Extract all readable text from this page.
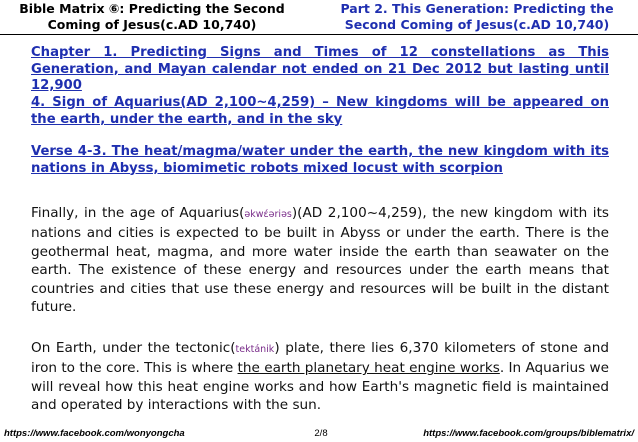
Bible Matrix ⑥: Predicting the Second
Coming of Jesus(c.AD 10,740)
Part 2. This Generation: Predicting the
Second Coming of Jesus(c.AD 10,740)
Chapter 1. Predicting Signs and Times of 12 constellations as This Generation, and Mayan calendar not ended on 21 Dec 2012 but lasting until 12,900
4. Sign of Aquarius(AD 2,100~4,259) – New kingdoms will be appeared on the earth, under the earth, and in the sky
Verse 4-3. The heat/magma/water under the earth, the new kingdom with its nations in Abyss, biomimetic robots mixed locust with scorpion
Finally, in the age of Aquarius(əkwɛ́əriəs)(AD 2,100~4,259), the new kingdom with its nations and cities is expected to be built in Abyss or under the earth. There is the geothermal heat, magma, and more water inside the earth than seawater on the earth. The existence of these energy and resources under the earth means that countries and cities that use these energy and resources will be built in the distant future.
On Earth, under the tectonic(tektánik) plate, there lies 6,370 kilometers of stone and iron to the core. This is where the earth planetary heat engine works. In Aquarius we will reveal how this heat engine works and how Earth's magnetic field is maintained and operated by interactions with the sun.
https://www.facebook.com/wonyongcha	2/8	https://www.facebook.com/groups/biblematrix/
